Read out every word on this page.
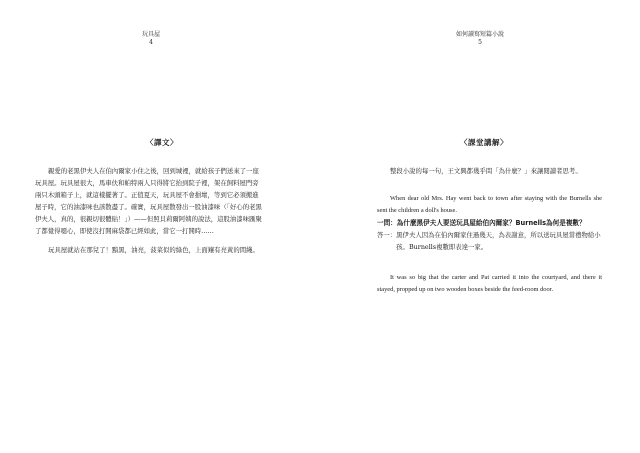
玩具屋
4
〈譯文〉

親愛的老黑伊夫人在伯內爾家小住之後，回到城裡，就給孩子們送來了一座玩具屋。玩具屋很大，馬車伕和帕特兩人只得將它抬到院子裡，架在飼料屋門旁兩只木頭箱子上，就這樣擺著了。正值夏天，玩具屋不會損壞，等到它必須搬進屋子時，它的油漆味也該散盡了。確實，玩具屋散發出一股油漆味（「好心的老黑伊夫人，真的，很親切很體貼！」）——但照貝莉爾阿姨的說法，這股油漆味匯聚了都覺得噁心，即使沒打開麻袋都已經如此，當它一打開時……

玩具屋就站在那兒了！黯黑，油亮，菠菜似的綠色，上面鑲有亮黃的間綫。

如何讀寫短篇小說
5
〈課堂講解〉

整段小說的每一句，王文興都幾乎問「為什麼？」來讓閱讀者思考。

When dear old Mrs. Hay went back to town after staying with the Burnells she sent the children a doll's house.

一問： 為什麼黑伊夫人要送玩具屋給伯內爾家？Burnells為何是複數？
答一： 黑伊夫人因為在伯內爾家住過幾天，為表謝意，所以送玩具屋當禮物給小孩。Burnells複數即表達一家。

It was so big that the carter and Pat carried it into the courtyard, and there it stayed, propped up on two wooden boxes beside the feed-room door.
